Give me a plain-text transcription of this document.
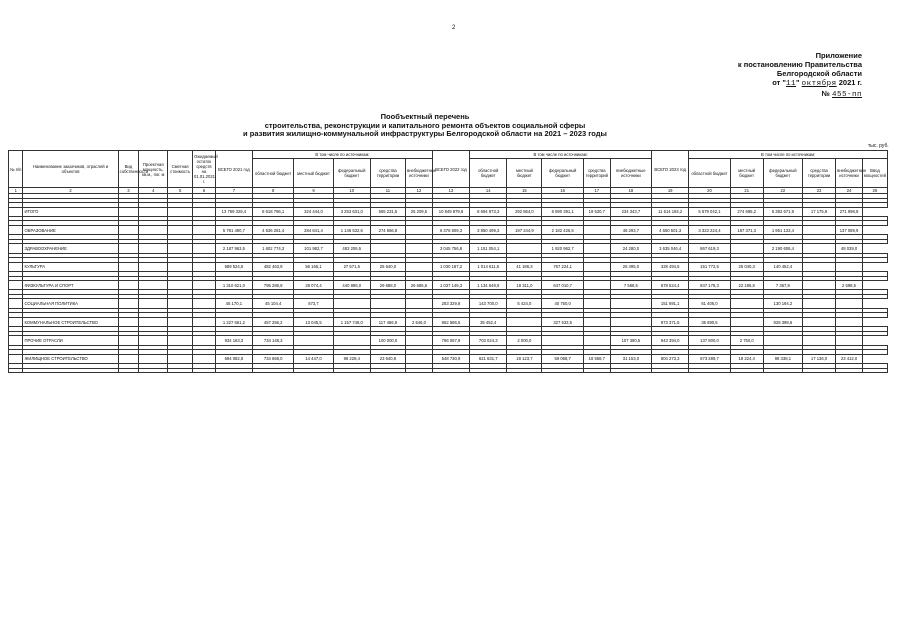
2
Приложение
к постановлению Правительства
Белгородской области
от "11" октября 2021 г.
№ 455-пп
Пообъектный перечень
строительства, реконструкции и капитального ремонта объектов социальной сферы
и развития жилищно-коммунальной инфраструктуры Белгородской области на 2021 – 2023 годы
тыс. руб.
№ п/п	Наименование заказчиков, отраслей и объектов	Вид собственности	Проектная мощность, кв.м., пог. м	Сметная стоимость	Ожидаемый остаток средств на 01.01.2021 г.	ВСЕГО 2021 год	В том числе по источникам:					ВСЕГО 2022 год	В том числе по источникам:					ВСЕГО 2023 год	В том числе по источникам:					
							областной бюджет	местный бюджет	федеральный бюджет	средства территории	внебюджетные источники		областной бюджет	местный бюджет	федеральный бюджет	средства территорий	внебюджетные источники		областной бюджет	местный бюджет	федеральный бюджет	средства территории	внебюджетные источники	Ввод мощностей
1	2	3	4	5	6	7	8	9	10	11	12	13	14	15	16	17	18	19	20	21	22	23	24	25

	ИТОГО					13 769 329,4	8 618 786,1	324 444,0	3 253 631,0	565 231,5	25 209,5	10 849 879,8	8 694 873,3	292 864,0	6 590 391,1	19 530,7	234 343,7	11 614 184,2	5 679 042,1	274 695,2	5 382 671,9	17 175,9	271 998,9	

	ОБРАЗОВАНИЕ					5 781 490,7	4 536 281,4	284 641,4	1 146 532,6	274 666,8		6 376 609,3	3 850 499,3	197 244,9	2 182 426,5		46 293,7	4 650 501,3	3 323 224,4	167 371,3	1 951 133,4		137 089,9	

	ЗДРАВООХРАНЕНИЕ					2 187 963,5	1 602 774,3	101 982,7	483 206,5			3 045 756,8	1 151 054,1		1 920 962,7		24 280,0	3 635 046,4	867 619,3		2 190 606,4		48 039,0	

	КУЛЬТУРА					589 524,5	482 463,9	56 165,1	27 571,5	25 640,0		1 030 187,2	1 014 611,5	41 186,3	767 224,1		26 495,0	328 494,5	151 772,5	25 040,3	140 452,4			

	ФИЗКУЛЬТУРА И СПОРТ					1 310 621,0	795 286,9	28 074,4	440 896,0	29 688,0	26 685,6	1 037 149,3	1 134 649,9	18 311,0	647 010,7		7 568,5	678 524,4	847 178,3	22 196,8	7 367,9		2 598,5	

	СОЦИАЛЬНАЯ ПОЛИТИКА					45 170,1	45 104,4	673,7				283 329,8	143 700,0	5 424,0	40 750,0			151 691,1	61 406,0		130 194,2			

	КОММУНАЛЬНОЕ СТРОИТЕЛЬСТВО					1 227 661,2	457 256,2	13 045,5	1 157 748,0	117 466,9	2 546,0	962 586,5	35 452,4		327 533,5			873 371,5	35 890,5		928 398,6			

	ПРОЧИЕ ОТРАСЛИ					934 163,3	734 148,3			100 000,0		786 067,9	703 024,3	2 000,0			107 390,5	943 394,0	137 800,0	2 750,0				

	ЖИЛИЩНОЕ СТРОИТЕЛЬСТВО					694 082,8	734 668,0	14 447,0	96 228,4	23 640,8		548 730,9	621 631,7	18 123,7	59 068,7	18 568,7	31 153,0	804 273,3	673 289,7	18 224,4	98 338,1	17 136,0	23 412,0	
